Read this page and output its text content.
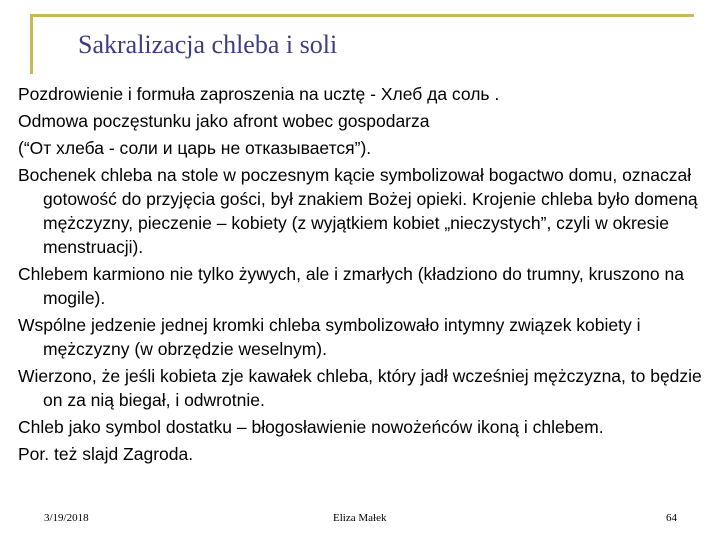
Sakralizacja chleba i soli

Pozdrowienie i formuła zaproszenia na ucztę - Хлеб да соль .

Odmowa poczęstunku jako afront wobec gospodarza

(“От хлеба - соли и царь не отказывается”).

Bochenek chleba na stole w poczesnym kącie symbolizował bogactwo domu, oznaczał gotowość do przyjęcia gości, był znakiem Bożej opieki. Krojenie chleba było domeną mężczyzny, pieczenie – kobiety (z wyjątkiem kobiet „nieczystych”, czyli w okresie menstruacji).

Chlebem karmiono nie tylko żywych, ale i zmarłych (kładziono do trumny, kruszono na mogile).

Wspólne jedzenie jednej kromki chleba symbolizowało intymny związek kobiety i mężczyzny (w obrzędzie weselnym).

Wierzono, że jeśli kobieta zje kawałek chleba, który jadł wcześniej mężczyzna, to będzie on za nią biegał, i odwrotnie.

Chleb jako symbol dostatku – błogosławienie nowożeńców ikoną i chlebem.

Por. też slajd Zagroda.

3/19/2018	Eliza Małek	64
